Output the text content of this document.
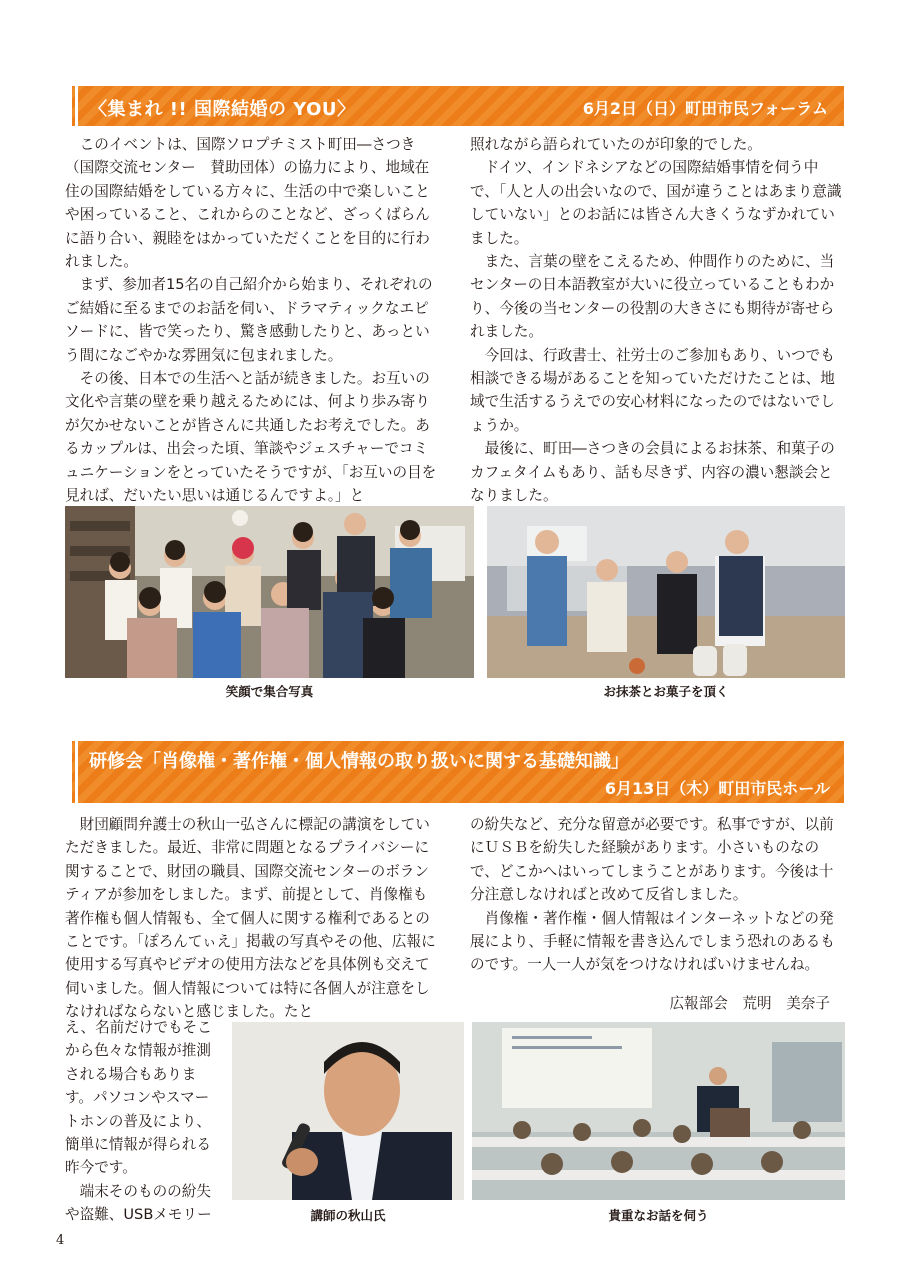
〈集まれ !! 国際結婚の YOU〉	6月2日（日）町田市民フォーラム

このイベントは、国際ソロプチミスト町田―さつき（国際交流センター　賛助団体）の協力により、地域在住の国際結婚をしている方々に、生活の中で楽しいことや困っていること、これからのことなど、ざっくばらんに語り合い、親睦をはかっていただくことを目的に行われました。

まず、参加者15名の自己紹介から始まり、それぞれのご結婚に至るまでのお話を伺い、ドラマティックなエピソードに、皆で笑ったり、驚き感動したりと、あっという間になごやかな雰囲気に包まれました。

その後、日本での生活へと話が続きました。お互いの文化や言葉の壁を乗り越えるためには、何より歩み寄りが欠かせないことが皆さんに共通したお考えでした。あるカップルは、出会った頃、筆談やジェスチャーでコミュニケーションをとっていたそうですが、「お互いの目を見れば、だいたい思いは通じるんですよ。」と

照れながら語られていたのが印象的でした。

ドイツ、インドネシアなどの国際結婚事情を伺う中で、「人と人の出会いなので、国が違うことはあまり意識していない」とのお話には皆さん大きくうなずかれていました。

また、言葉の壁をこえるため、仲間作りのために、当センターの日本語教室が大いに役立っていることもわかり、今後の当センターの役割の大きさにも期待が寄せられました。

今回は、行政書士、社労士のご参加もあり、いつでも相談できる場があることを知っていただけたことは、地域で生活するうえでの安心材料になったのではないでしょうか。

最後に、町田―さつきの会員によるお抹茶、和菓子のカフェタイムもあり、話も尽きず、内容の濃い懇談会となりました。

笑顔で集合写真	お抹茶とお菓子を頂く
研修会「肖像権・著作権・個人情報の取り扱いに関する基礎知識」
6月13日（木）町田市民ホール

財団顧問弁護士の秋山一弘さんに標記の講演をしていただきました。最近、非常に問題となるプライバシーに関することで、財団の職員、国際交流センターのボランティアが参加をしました。まず、前提として、肖像権も著作権も個人情報も、全て個人に関する権利であるとのことです。「ぽろんてぃえ」掲載の写真やその他、広報に使用する写真やビデオの使用方法などを具体例も交えて伺いました。個人情報については特に各個人が注意をしなければならないと感じました。たと

え、名前だけでもそこから色々な情報が推測される場合もあります。パソコンやスマートホンの普及により、簡単に情報が得られる昨今です。

端末そのものの紛失や盗難、USBメモリー

の紛失など、充分な留意が必要です。私事ですが、以前にＵＳＢを紛失した経験があります。小さいものなので、どこかへはいってしまうことがあります。今後は十分注意しなければと改めて反省しました。

肖像権・著作権・個人情報はインターネットなどの発展により、手軽に情報を書き込んでしまう恐れのあるものです。一人一人が気をつけなければいけませんね。

広報部会　荒明　美奈子
講師の秋山氏	貴重なお話を伺う
4
